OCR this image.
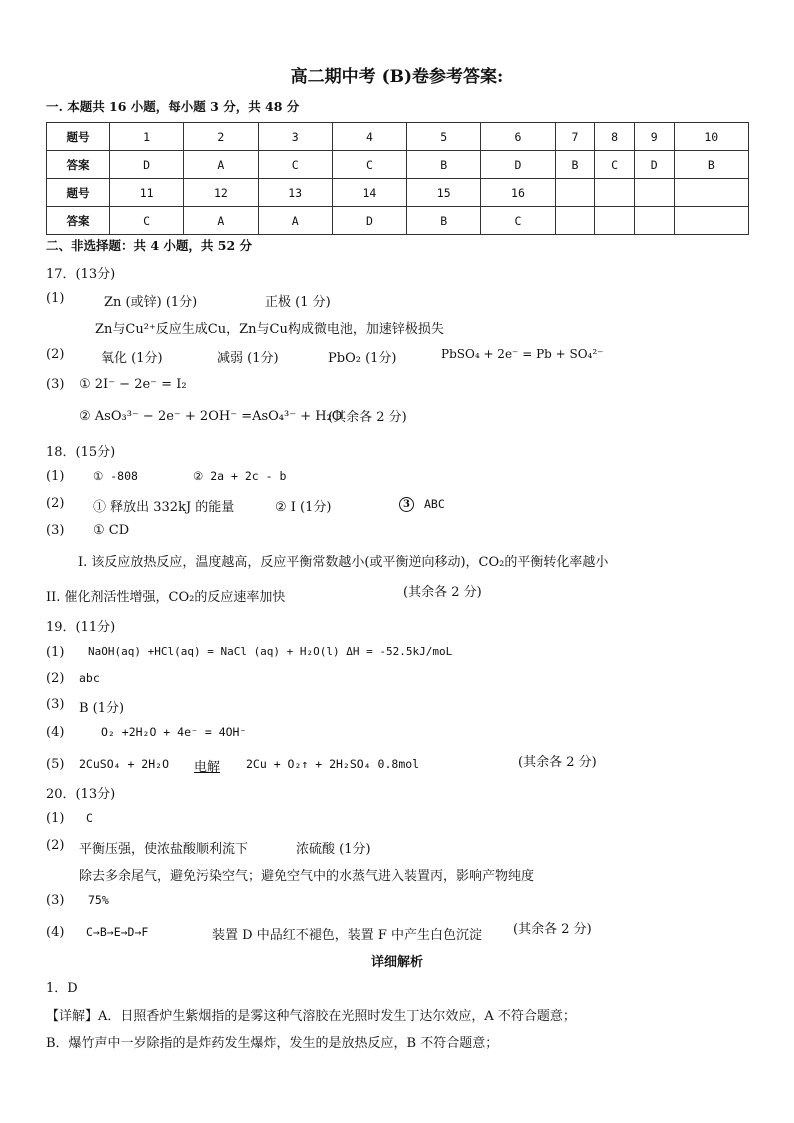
高二期中考 (B)卷参考答案:
一. 本题共 16 小题，每小题 3 分，共 48 分
题号	1	2	3	4	5	6	7	8	9	10
答案	D	A	C	C	B	D	B	C	D	B
题号	11	12	13	14	15	16				
答案	C	A	A	D	B	C				
二、非选择题：共 4 小题，共 52 分
17．(13分)
(1)	Zn (或锌) (1分)	正极 (1 分)
Zn与Cu²⁺反应生成Cu，Zn与Cu构成微电池，加速锌极损失
(2)	氧化 (1分)	减弱 (1分)	PbO₂ (1分)	PbSO₄ + 2e⁻ = Pb + SO₄²⁻
(3) ① 2I⁻ − 2e⁻ = I₂
② AsO₃³⁻ − 2e⁻ + 2OH⁻ =AsO₄³⁻ + H₂O
(其余各 2 分)
18．(15分)
(1) ① -808	② 2a + 2c - b
(2) ① 释放出 332kJ 的能量	② I (1分)	3	ABC
(3) ① CD
I. 该反应放热反应，温度越高，反应平衡常数越小(或平衡逆向移动)，CO₂的平衡转化率越小
II. 催化剂活性增强，CO₂的反应速率加快	(其余各 2 分)
19．(11分)
(1) NaOH(aq) +HCl(aq) = NaCl (aq) + H₂O(l) ΔH = -52.5kJ/moL
(2) abc
(3) B (1分)
(4)	O₂ +2H₂O + 4e⁻ = 4OH⁻
(5) 2CuSO₄ + 2H₂O 电解	2Cu + O₂↑ + 2H₂SO₄ 0.8mol	(其余各 2 分)
20．(13分)
(1) C
(2) 平衡压强，使浓盐酸顺利流下	浓硫酸 (1分)
除去多余尾气，避免污染空气；避免空气中的水蒸气进入装置丙，影响产物纯度
(3) 75%
(4) C→B→E→D→F	装置 D 中品红不褪色，装置 F 中产生白色沉淀 (其余各 2 分)
详细解析
1．D
【详解】A．日照香炉生紫烟指的是雾这种气溶胶在光照时发生丁达尔效应，A 不符合题意；
B．爆竹声中一岁除指的是炸药发生爆炸，发生的是放热反应，B 不符合题意；
